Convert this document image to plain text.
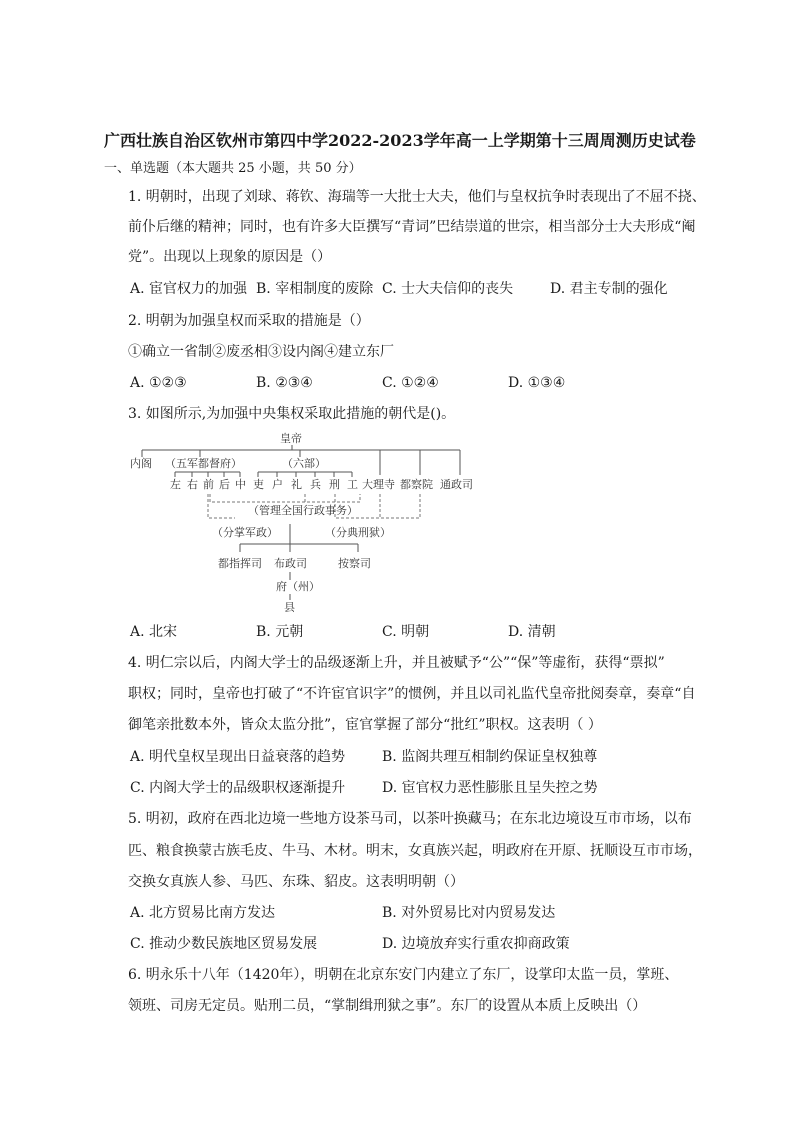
广西壮族自治区钦州市第四中学2022-2023学年高一上学期第十三周周测历史试卷
一、单选题（本大题共 25 小题，共 50 分）
1. 明朝时，出现了刘球、蒋钦、海瑞等一大批士大夫，他们与皇权抗争时表现出了不屈不挠、
前仆后继的精神；同时，也有许多大臣撰写“青词”巴结崇道的世宗，相当部分士大夫形成“阉
党”。出现以上现象的原因是（）
A. 宦官权力的加强 B. 宰相制度的废除 C. 士大夫信仰的丧失	D. 君主专制的强化
2. 明朝为加强皇权而采取的措施是（）
①确立一省制②废丞相③设内阁④建立东厂
A. ①②③	B. ②③④	C. ①②④	D. ①③④
3. 如图所示,为加强中央集权采取此措施的朝代是()。
皇帝
内阁 （五军都督府）	（六部）
左 右 前 后 中 吏 户 礼 兵 刑 工 大理寺 都察院 通政司
（管理全国行政事务）
（分掌军政）	（分典刑狱）
都指挥司 布政司	按察司
府（州）
县
A. 北宋	B. 元朝	C. 明朝	D. 清朝
4. 明仁宗以后，内阁大学士的品级逐渐上升，并且被赋予“公”“保”等虚衔，获得“票拟”
职权；同时，皇帝也打破了“不许宦官识字”的惯例，并且以司礼监代皇帝批阅奏章，奏章“自
御笔亲批数本外，皆众太监分批”，宦官掌握了部分“批红”职权。这表明（ ）
A. 明代皇权呈现出日益衰落的趋势	B. 监阁共理互相制约保证皇权独尊
C. 内阁大学士的品级职权逐渐提升	D. 宦官权力恶性膨胀且呈失控之势
5. 明初，政府在西北边境一些地方设茶马司，以茶叶换藏马；在东北边境设互市市场，以布
匹、粮食换蒙古族毛皮、牛马、木材。明末，女真族兴起，明政府在开原、抚顺设互市市场，
交换女真族人参、马匹、东珠、貂皮。这表明明朝（）
A. 北方贸易比南方发达	B. 对外贸易比对内贸易发达
C. 推动少数民族地区贸易发展	D. 边境放弃实行重农抑商政策
6. 明永乐十八年（1420年），明朝在北京东安门内建立了东厂，设掌印太监一员，掌班、
领班、司房无定员。贴刑二员，“掌制缉刑狱之事”。东厂的设置从本质上反映出（）
